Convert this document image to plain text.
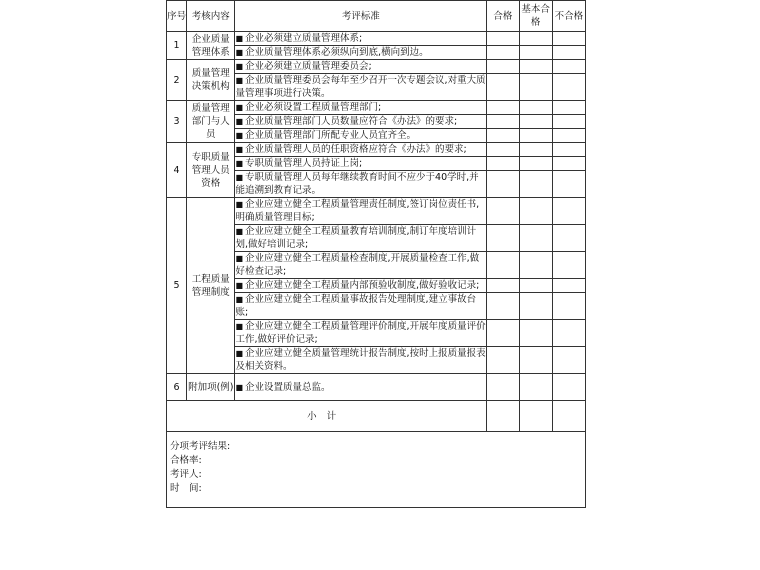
序号	考核内容	考评标准	合格	基本合格	不合格
1	企业质量管理体系	■ 企业必须建立质量管理体系;			
		■ 企业质量管理体系必须纵向到底,横向到边。			
2	质量管理决策机构	■ 企业必须建立质量管理委员会;			
		■ 企业质量管理委员会每年至少召开一次专题会议,对重大质量管理事项进行决策。			
3	质量管理部门与人员	■ 企业必须设置工程质量管理部门;			
		■ 企业质量管理部门人员数量应符合《办法》的要求;			
		■ 企业质量管理部门所配专业人员宜齐全。			
4	专职质量管理人员资格	■ 企业质量管理人员的任职资格应符合《办法》的要求;			
		■ 专职质量管理人员持证上岗;			
		■ 专职质量管理人员每年继续教育时间不应少于40学时,并能追溯到教育记录。			
5	工程质量管理制度	■ 企业应建立健全工程质量管理责任制度,签订岗位责任书,明确质量管理目标;			
		■ 企业应建立健全工程质量教育培训制度,制订年度培训计划,做好培训记录;			
		■ 企业应建立健全工程质量检查制度,开展质量检查工作,做好检查记录;			
		■ 企业应建立健全工程质量内部预验收制度,做好验收记录;			
		■ 企业应建立健全工程质量事故报告处理制度,建立事故台账;			
		■ 企业应建立健全工程质量管理评价制度,开展年度质量评价工作,做好评价记录;			
		■ 企业应建立健全质量管理统计报告制度,按时上报质量报表及相关资料。			
6	附加项(例)	■ 企业设置质量总监。			
小计					
分项考评结果:
合格率:
考评人:
时　间:
